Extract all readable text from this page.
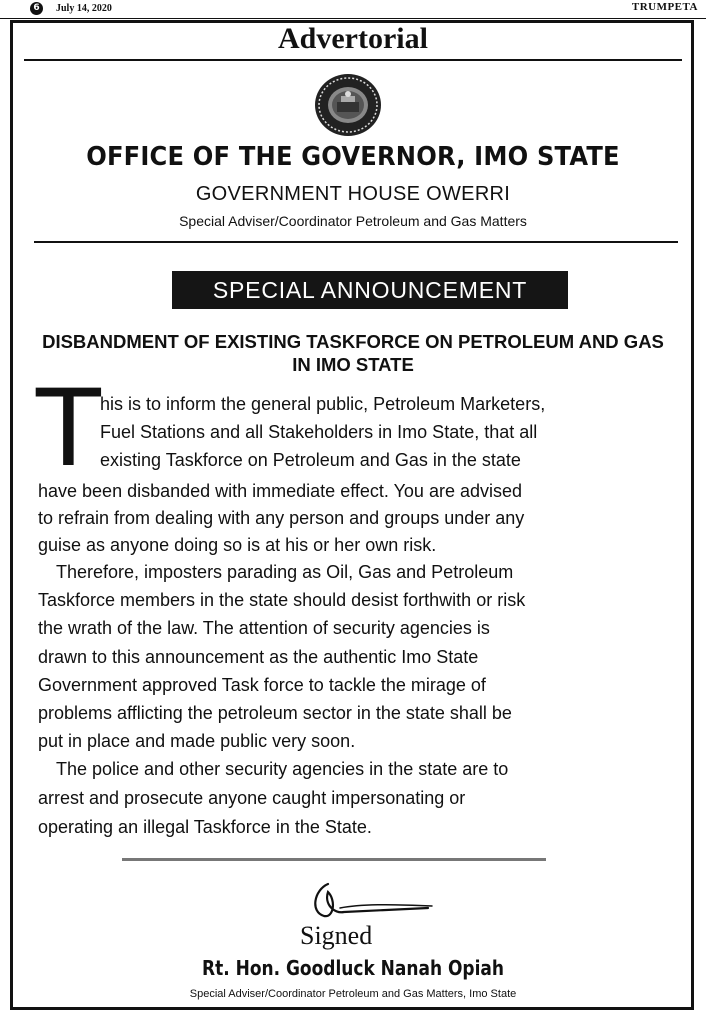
6	July 14, 2020	TRUMPETA
Advertorial
OFFICE OF THE GOVERNOR, IMO STATE
GOVERNMENT HOUSE OWERRI
Special Adviser/Coordinator Petroleum and Gas Matters
SPECIAL ANNOUNCEMENT
DISBANDMENT OF EXISTING TASKFORCE ON PETROLEUM AND GAS IN IMO STATE
T his is to inform the general public, Petroleum Marketers,
Fuel Stations and all Stakeholders in Imo State, that all
existing Taskforce on Petroleum and Gas in the state
have been disbanded with immediate effect. You are advised
to refrain from dealing with any person and groups under any
guise as anyone doing so is at his or her own risk.
Therefore, imposters parading as Oil, Gas and Petroleum
Taskforce members in the state should desist forthwith or risk
the wrath of the law. The attention of security agencies is
drawn to this announcement as the authentic Imo State
Government approved Task force to tackle the mirage of
problems afflicting the petroleum sector in the state shall be
put in place and made public very soon.
The police and other security agencies in the state are to
arrest and prosecute anyone caught impersonating or
operating an illegal Taskforce in the State.
Signed
Rt. Hon. Goodluck Nanah Opiah
Special Adviser/Coordinator Petroleum and Gas Matters, Imo State
